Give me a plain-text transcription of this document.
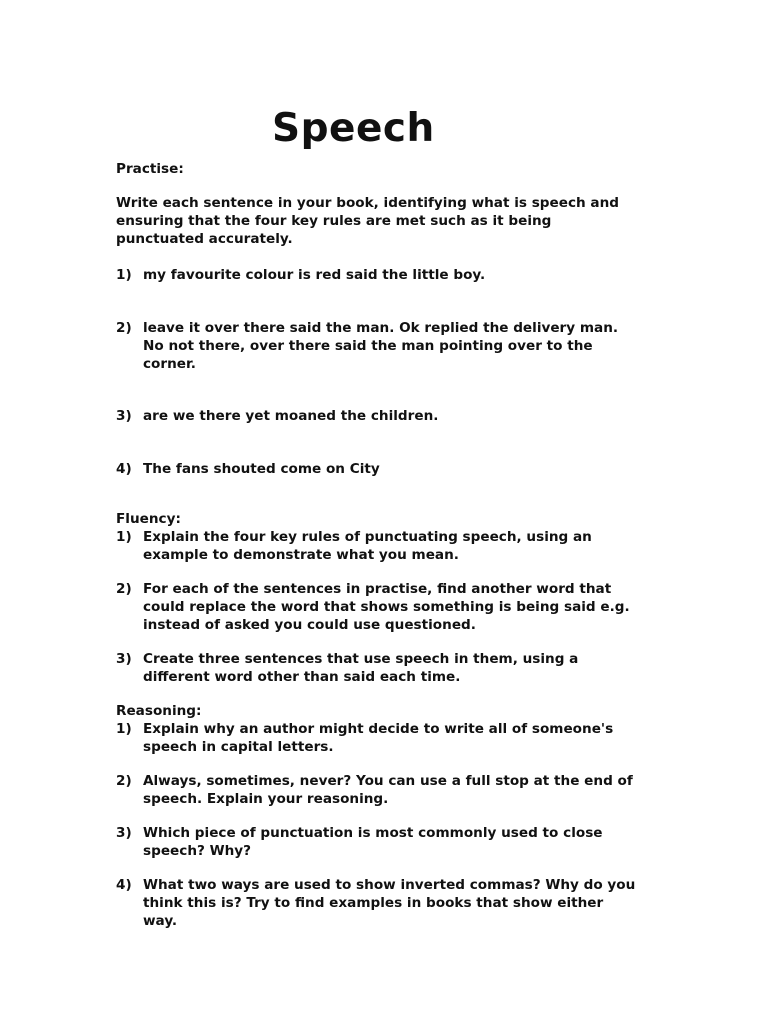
Speech
Practise:

Write each sentence in your book, identifying what is speech and ensuring that the four key rules are met such as it being punctuated accurately.

1) my favourite colour is red said the little boy.
2) leave it over there said the man. Ok replied the delivery man. No not there, over there said the man pointing over to the corner.
3) are we there yet moaned the children.
4) The fans shouted come on City
Fluency:
1) Explain the four key rules of punctuating speech, using an example to demonstrate what you mean.
2) For each of the sentences in practise, find another word that could replace the word that shows something is being said e.g. instead of asked you could use questioned.
3) Create three sentences that use speech in them, using a different word other than said each time.
Reasoning:
1) Explain why an author might decide to write all of someone's speech in capital letters.
2) Always, sometimes, never? You can use a full stop at the end of speech. Explain your reasoning.
3) Which piece of punctuation is most commonly used to close speech? Why?
4) What two ways are used to show inverted commas? Why do you think this is? Try to find examples in books that show either way.
